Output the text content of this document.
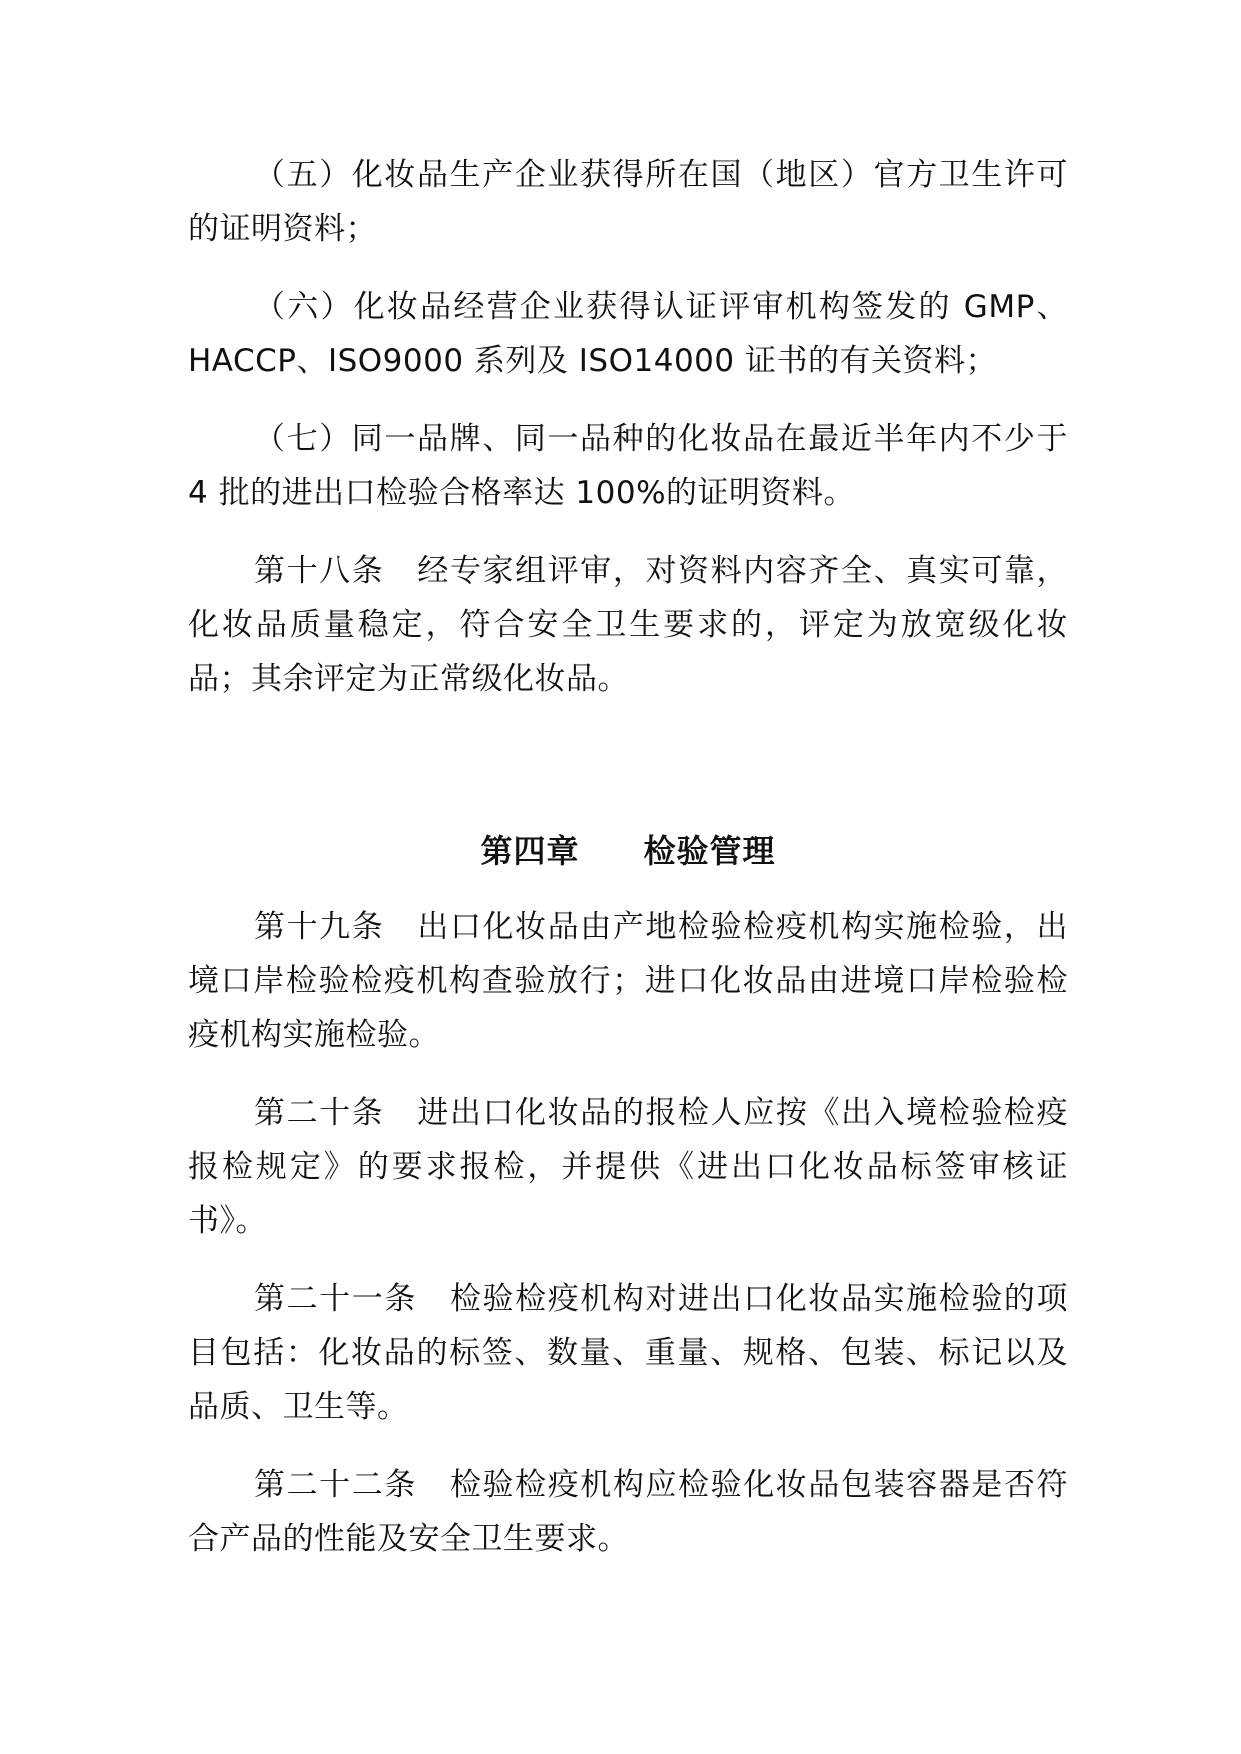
（五）化妆品生产企业获得所在国（地区）官方卫生许可的证明资料；

（六）化妆品经营企业获得认证评审机构签发的 GMP、HACCP、ISO9000 系列及 ISO14000 证书的有关资料；

（七）同一品牌、同一品种的化妆品在最近半年内不少于 4 批的进出口检验合格率达 100%的证明资料。

第十八条 经专家组评审，对资料内容齐全、真实可靠，化妆品质量稳定，符合安全卫生要求的，评定为放宽级化妆品；其余评定为正常级化妆品。

第四章 检验管理

第十九条 出口化妆品由产地检验检疫机构实施检验，出境口岸检验检疫机构查验放行；进口化妆品由进境口岸检验检疫机构实施检验。

第二十条 进出口化妆品的报检人应按《出入境检验检疫报检规定》的要求报检，并提供《进出口化妆品标签审核证书》。

第二十一条 检验检疫机构对进出口化妆品实施检验的项目包括：化妆品的标签、数量、重量、规格、包装、标记以及品质、卫生等。

第二十二条 检验检疫机构应检验化妆品包装容器是否符合产品的性能及安全卫生要求。
